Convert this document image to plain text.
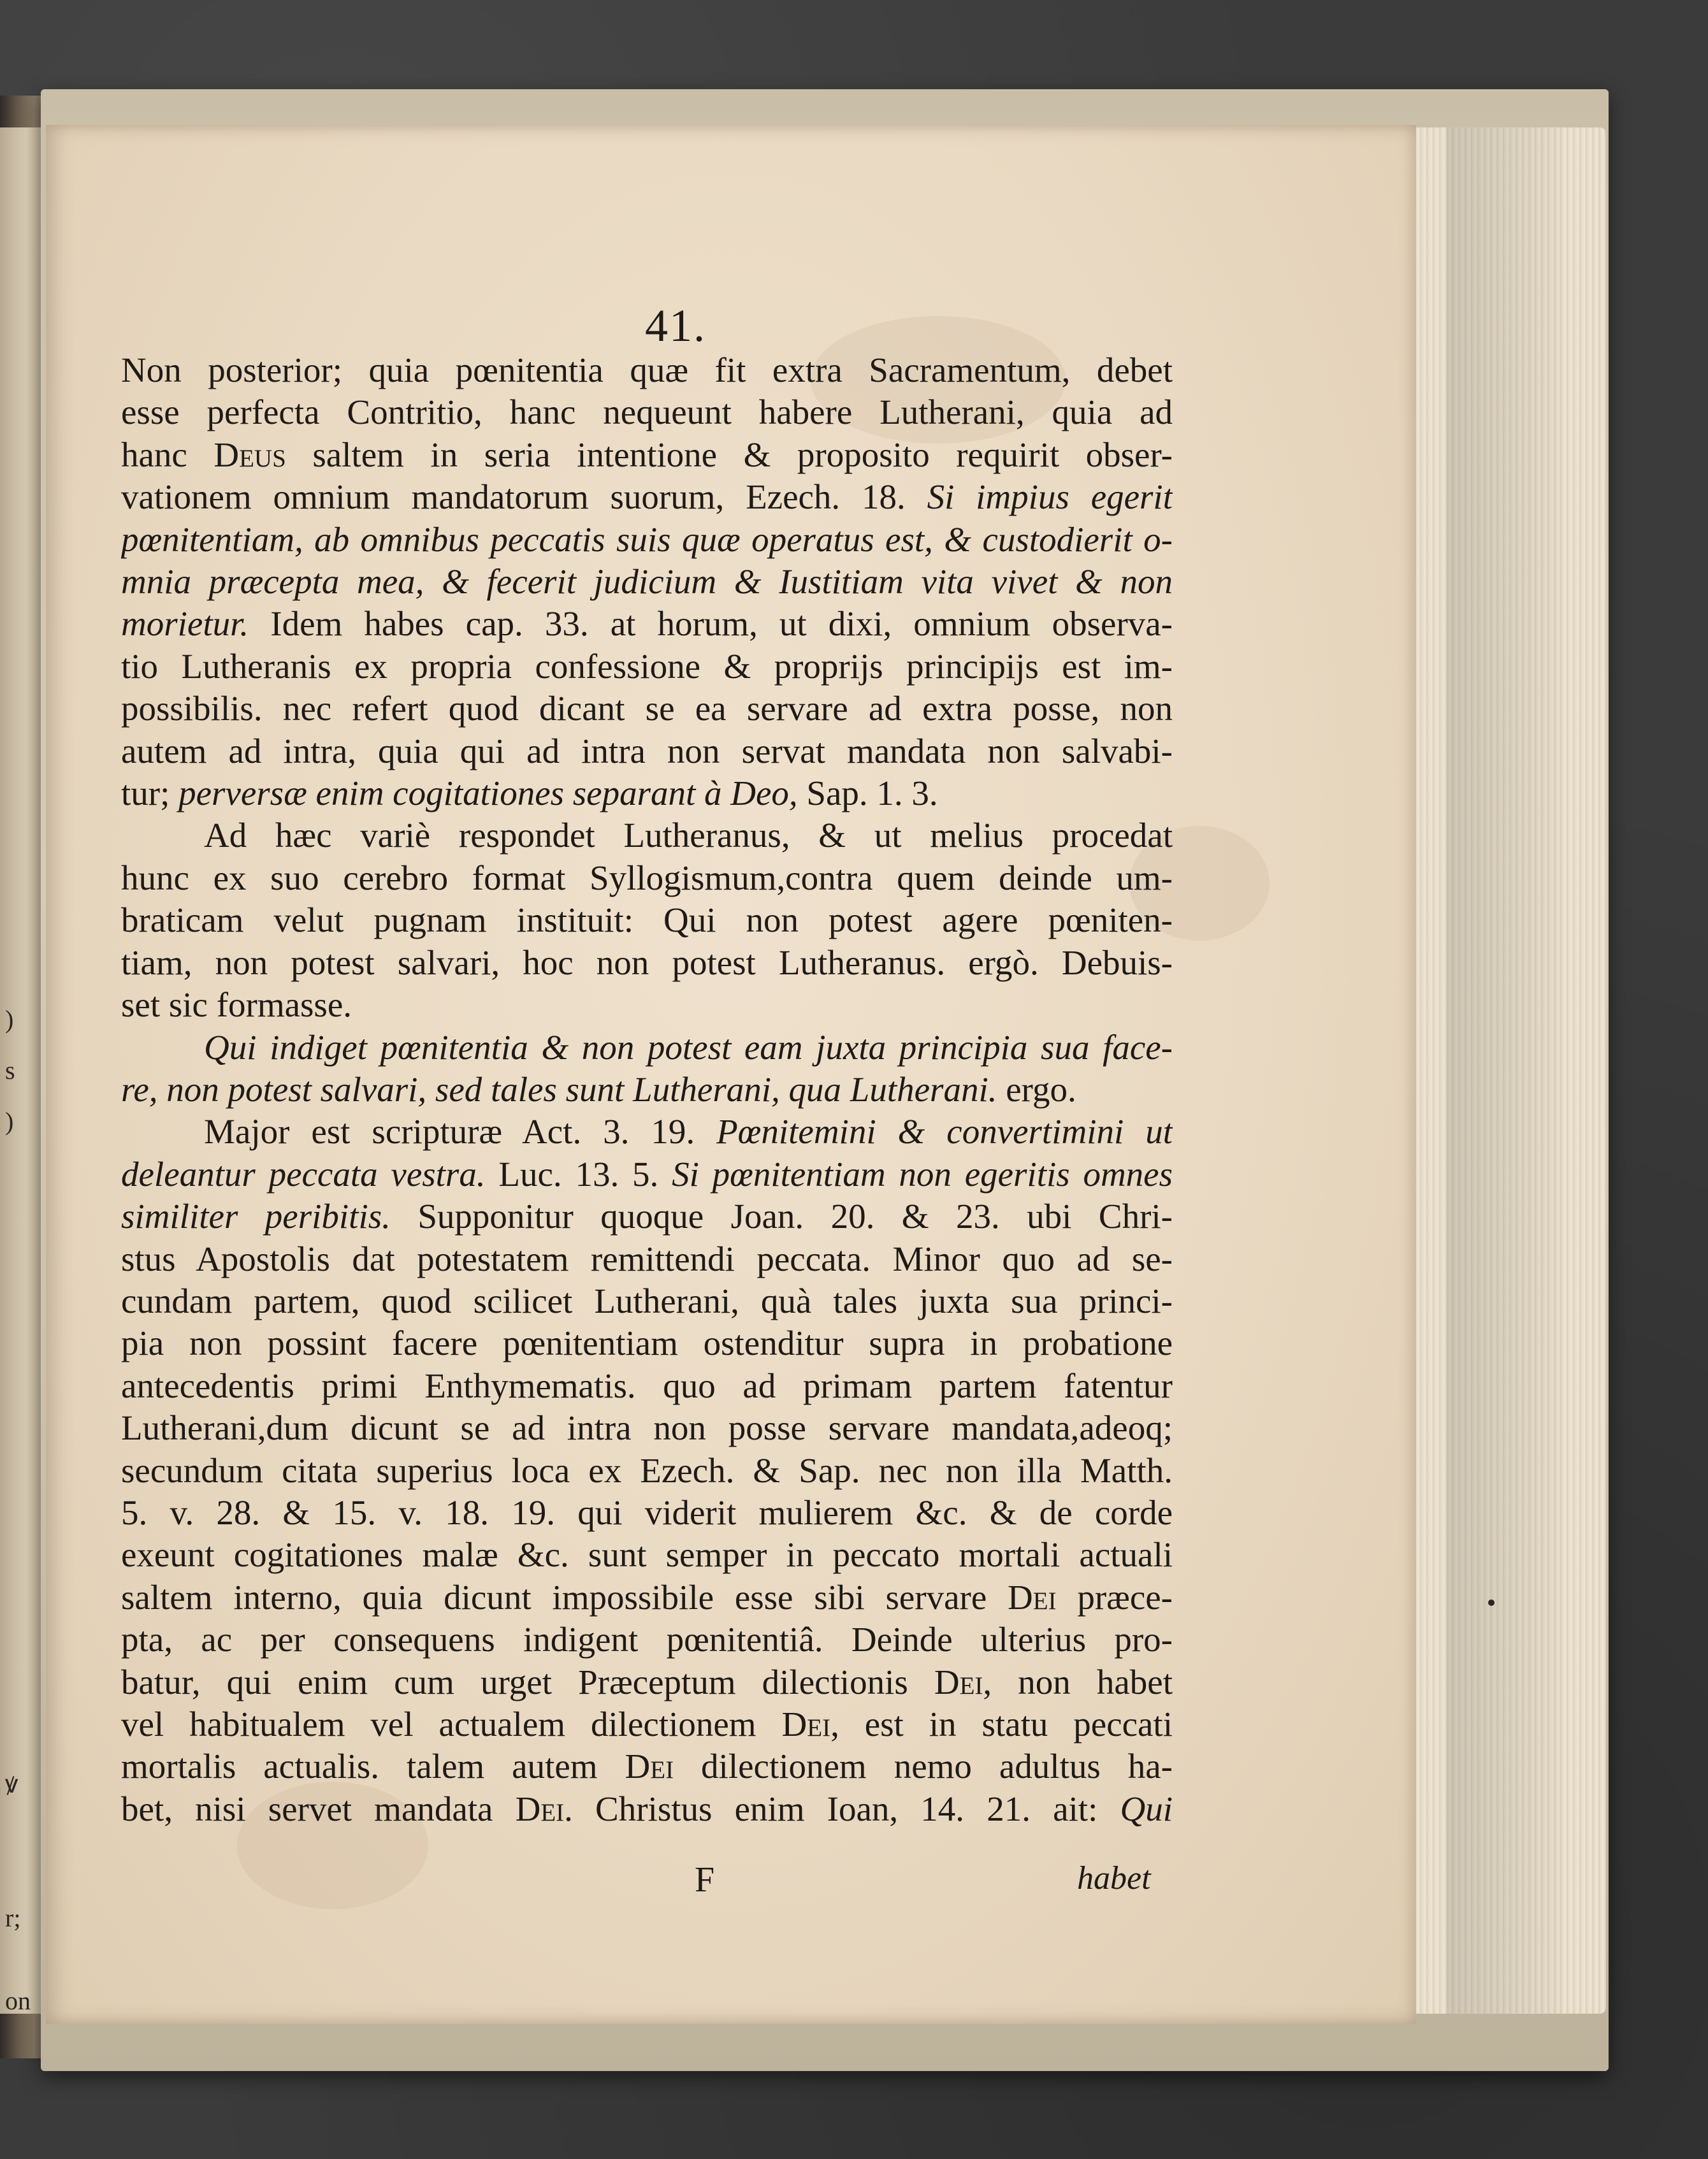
)
s
)
ꝟ
r;
on
41.
Non posterior; quia pœnitentia quæ fit extra Sacramentum, debet
esse perfecta Contritio, hanc nequeunt habere Lutherani, quia ad
hanc Deus saltem in seria intentione & proposito requirit obser-
vationem omnium mandatorum suorum, Ezech. 18. Si impius egerit
pœnitentiam, ab omnibus peccatis suis quæ operatus est, & custodierit o-
mnia præcepta mea, & fecerit judicium & Iustitiam vita vivet & non
morietur. Idem habes cap. 33. at horum, ut dixi, omnium observa-
tio Lutheranis ex propria confessione & proprijs principijs est im-
possibilis. nec refert quod dicant se ea servare ad extra posse, non
autem ad intra, quia qui ad intra non servat mandata non salvabi-
tur; perversæ enim cogitationes separant à Deo, Sap. 1. 3.
Ad hæc variè respondet Lutheranus, & ut melius procedat
hunc ex suo cerebro format Syllogismum,contra quem deinde um-
braticam velut pugnam instituit: Qui non potest agere pœniten-
tiam, non potest salvari, hoc non potest Lutheranus. ergò. Debuis-
set sic formasse.
Qui indiget pœnitentia & non potest eam juxta principia sua face-
re, non potest salvari, sed tales sunt Lutherani, qua Lutherani. ergo.
Major est scripturæ Act. 3. 19. Pœnitemini & convertimini ut
deleantur peccata vestra. Luc. 13. 5. Si pœnitentiam non egeritis omnes
similiter peribitis. Supponitur quoque Joan. 20. & 23. ubi Chri-
stus Apostolis dat potestatem remittendi peccata. Minor quo ad se-
cundam partem, quod scilicet Lutherani, quà tales juxta sua princi-
pia non possint facere pœnitentiam ostenditur supra in probatione
antecedentis primi Enthymematis. quo ad primam partem fatentur
Lutherani,dum dicunt se ad intra non posse servare mandata,adeoq;
secundum citata superius loca ex Ezech. & Sap. nec non illa Matth.
5. v. 28. & 15. v. 18. 19. qui viderit mulierem &c. & de corde
exeunt cogitationes malæ &c. sunt semper in peccato mortali actuali
saltem interno, quia dicunt impossibile esse sibi servare Dei præce-
pta, ac per consequens indigent pœnitentiâ. Deinde ulterius pro-
batur, qui enim cum urget Præceptum dilectionis Dei, non habet
vel habitualem vel actualem dilectionem Dei, est in statu peccati
mortalis actualis. talem autem Dei dilectionem nemo adultus ha-
bet, nisi servet mandata Dei. Christus enim Ioan, 14. 21. ait: Qui
F	habet
